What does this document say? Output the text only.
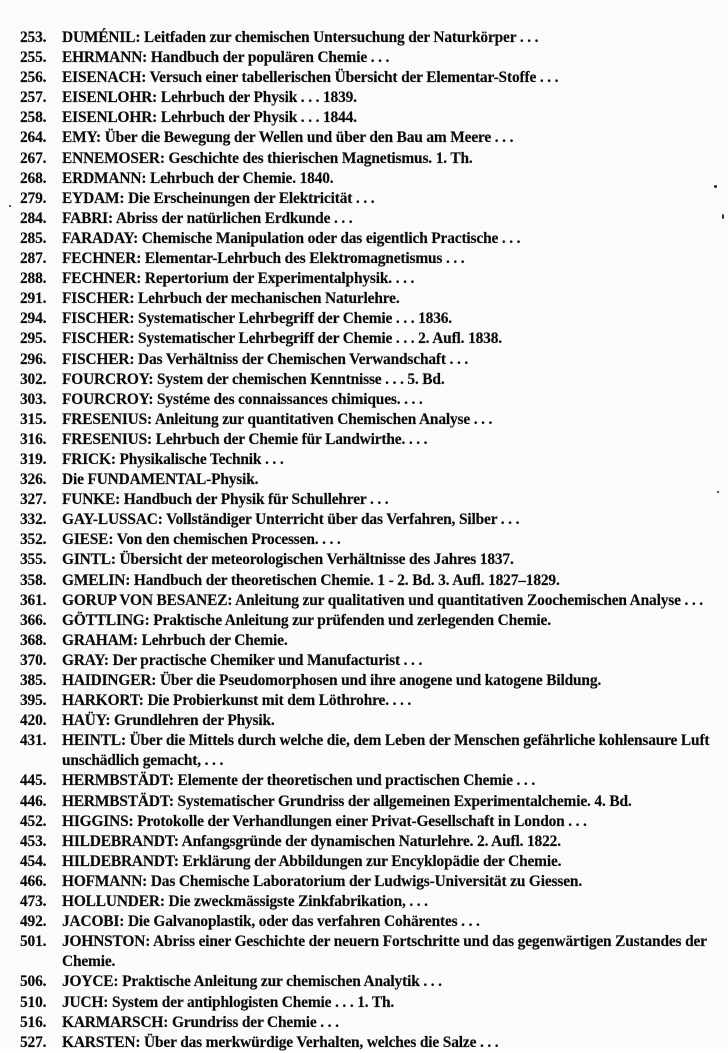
253.	DUMÉNIL: Leitfaden zur chemischen Untersuchung der Naturkörper . . .
255.	EHRMANN: Handbuch der populären Chemie . . .
256.	EISENACH: Versuch einer tabellerischen Übersicht der Elementar-Stoffe . . .
257.	EISENLOHR: Lehrbuch der Physik . . . 1839.
258.	EISENLOHR: Lehrbuch der Physik . . . 1844.
264.	EMY: Über die Bewegung der Wellen und über den Bau am Meere . . .
267.	ENNEMOSER: Geschichte des thierischen Magnetismus. 1. Th.
268.	ERDMANN: Lehrbuch der Chemie. 1840.
279.	EYDAM: Die Erscheinungen der Elektricität . . .
284.	FABRI: Abriss der natürlichen Erdkunde . . .
285.	FARADAY: Chemische Manipulation oder das eigentlich Practische . . .
287.	FECHNER: Elementar-Lehrbuch des Elektromagnetismus . . .
288.	FECHNER: Repertorium der Experimentalphysik. . . .
291.	FISCHER: Lehrbuch der mechanischen Naturlehre.
294.	FISCHER: Systematischer Lehrbegriff der Chemie . . . 1836.
295.	FISCHER: Systematischer Lehrbegriff der Chemie . . . 2. Aufl. 1838.
296.	FISCHER: Das Verhältniss der Chemischen Verwandschaft . . .
302.	FOURCROY: System der chemischen Kenntnisse . . . 5. Bd.
303.	FOURCROY: Systéme des connaissances chimiques. . . .
315.	FRESENIUS: Anleitung zur quantitativen Chemischen Analyse . . .
316.	FRESENIUS: Lehrbuch der Chemie für Landwirthe. . . .
319.	FRICK: Physikalische Technik . . .
326.	Die FUNDAMENTAL-Physik.
327.	FUNKE: Handbuch der Physik für Schullehrer . . .
332.	GAY-LUSSAC: Vollständiger Unterricht über das Verfahren, Silber . . .
352.	GIESE: Von den chemischen Processen. . . .
355.	GINTL: Übersicht der meteorologischen Verhältnisse des Jahres 1837.
358.	GMELIN: Handbuch der theoretischen Chemie. 1 - 2. Bd. 3. Aufl. 1827–1829.
361.	GORUP VON BESANEZ: Anleitung zur qualitativen und quantitativen Zoochemischen Analyse . . .
366.	GÖTTLING: Praktische Anleitung zur prüfenden und zerlegenden Chemie.
368.	GRAHAM: Lehrbuch der Chemie.
370.	GRAY: Der practische Chemiker und Manufacturist . . .
385.	HAIDINGER: Über die Pseudomorphosen und ihre anogene und katogene Bildung.
395.	HARKORT: Die Probierkunst mit dem Löthrohre. . . .
420.	HAÜY: Grundlehren der Physik.
431.	HEINTL: Über die Mittels durch welche die, dem Leben der Menschen gefährliche kohlensaure Luft unschädlich gemacht, . . .
445.	HERMBSTÄDT: Elemente der theoretischen und practischen Chemie . . .
446.	HERMBSTÄDT: Systematischer Grundriss der allgemeinen Experimentalchemie. 4. Bd.
452.	HIGGINS: Protokolle der Verhandlungen einer Privat-Gesellschaft in London . . .
453.	HILDEBRANDT: Anfangsgründe der dynamischen Naturlehre. 2. Aufl. 1822.
454.	HILDEBRANDT: Erklärung der Abbildungen zur Encyklopädie der Chemie.
466.	HOFMANN: Das Chemische Laboratorium der Ludwigs-Universität zu Giessen.
473.	HOLLUNDER: Die zweckmässigste Zinkfabrikation, . . .
492.	JACOBI: Die Galvanoplastik, oder das verfahren Cohärentes . . .
501.	JOHNSTON: Abriss einer Geschichte der neuern Fortschritte und das gegenwärtigen Zustandes der Chemie.
506.	JOYCE: Praktische Anleitung zur chemischen Analytik . . .
510.	JUCH: System der antiphlogisten Chemie . . . 1. Th.
516.	KARMARSCH: Grundriss der Chemie . . .
527.	KARSTEN: Über das merkwürdige Verhalten, welches die Salze . . .
